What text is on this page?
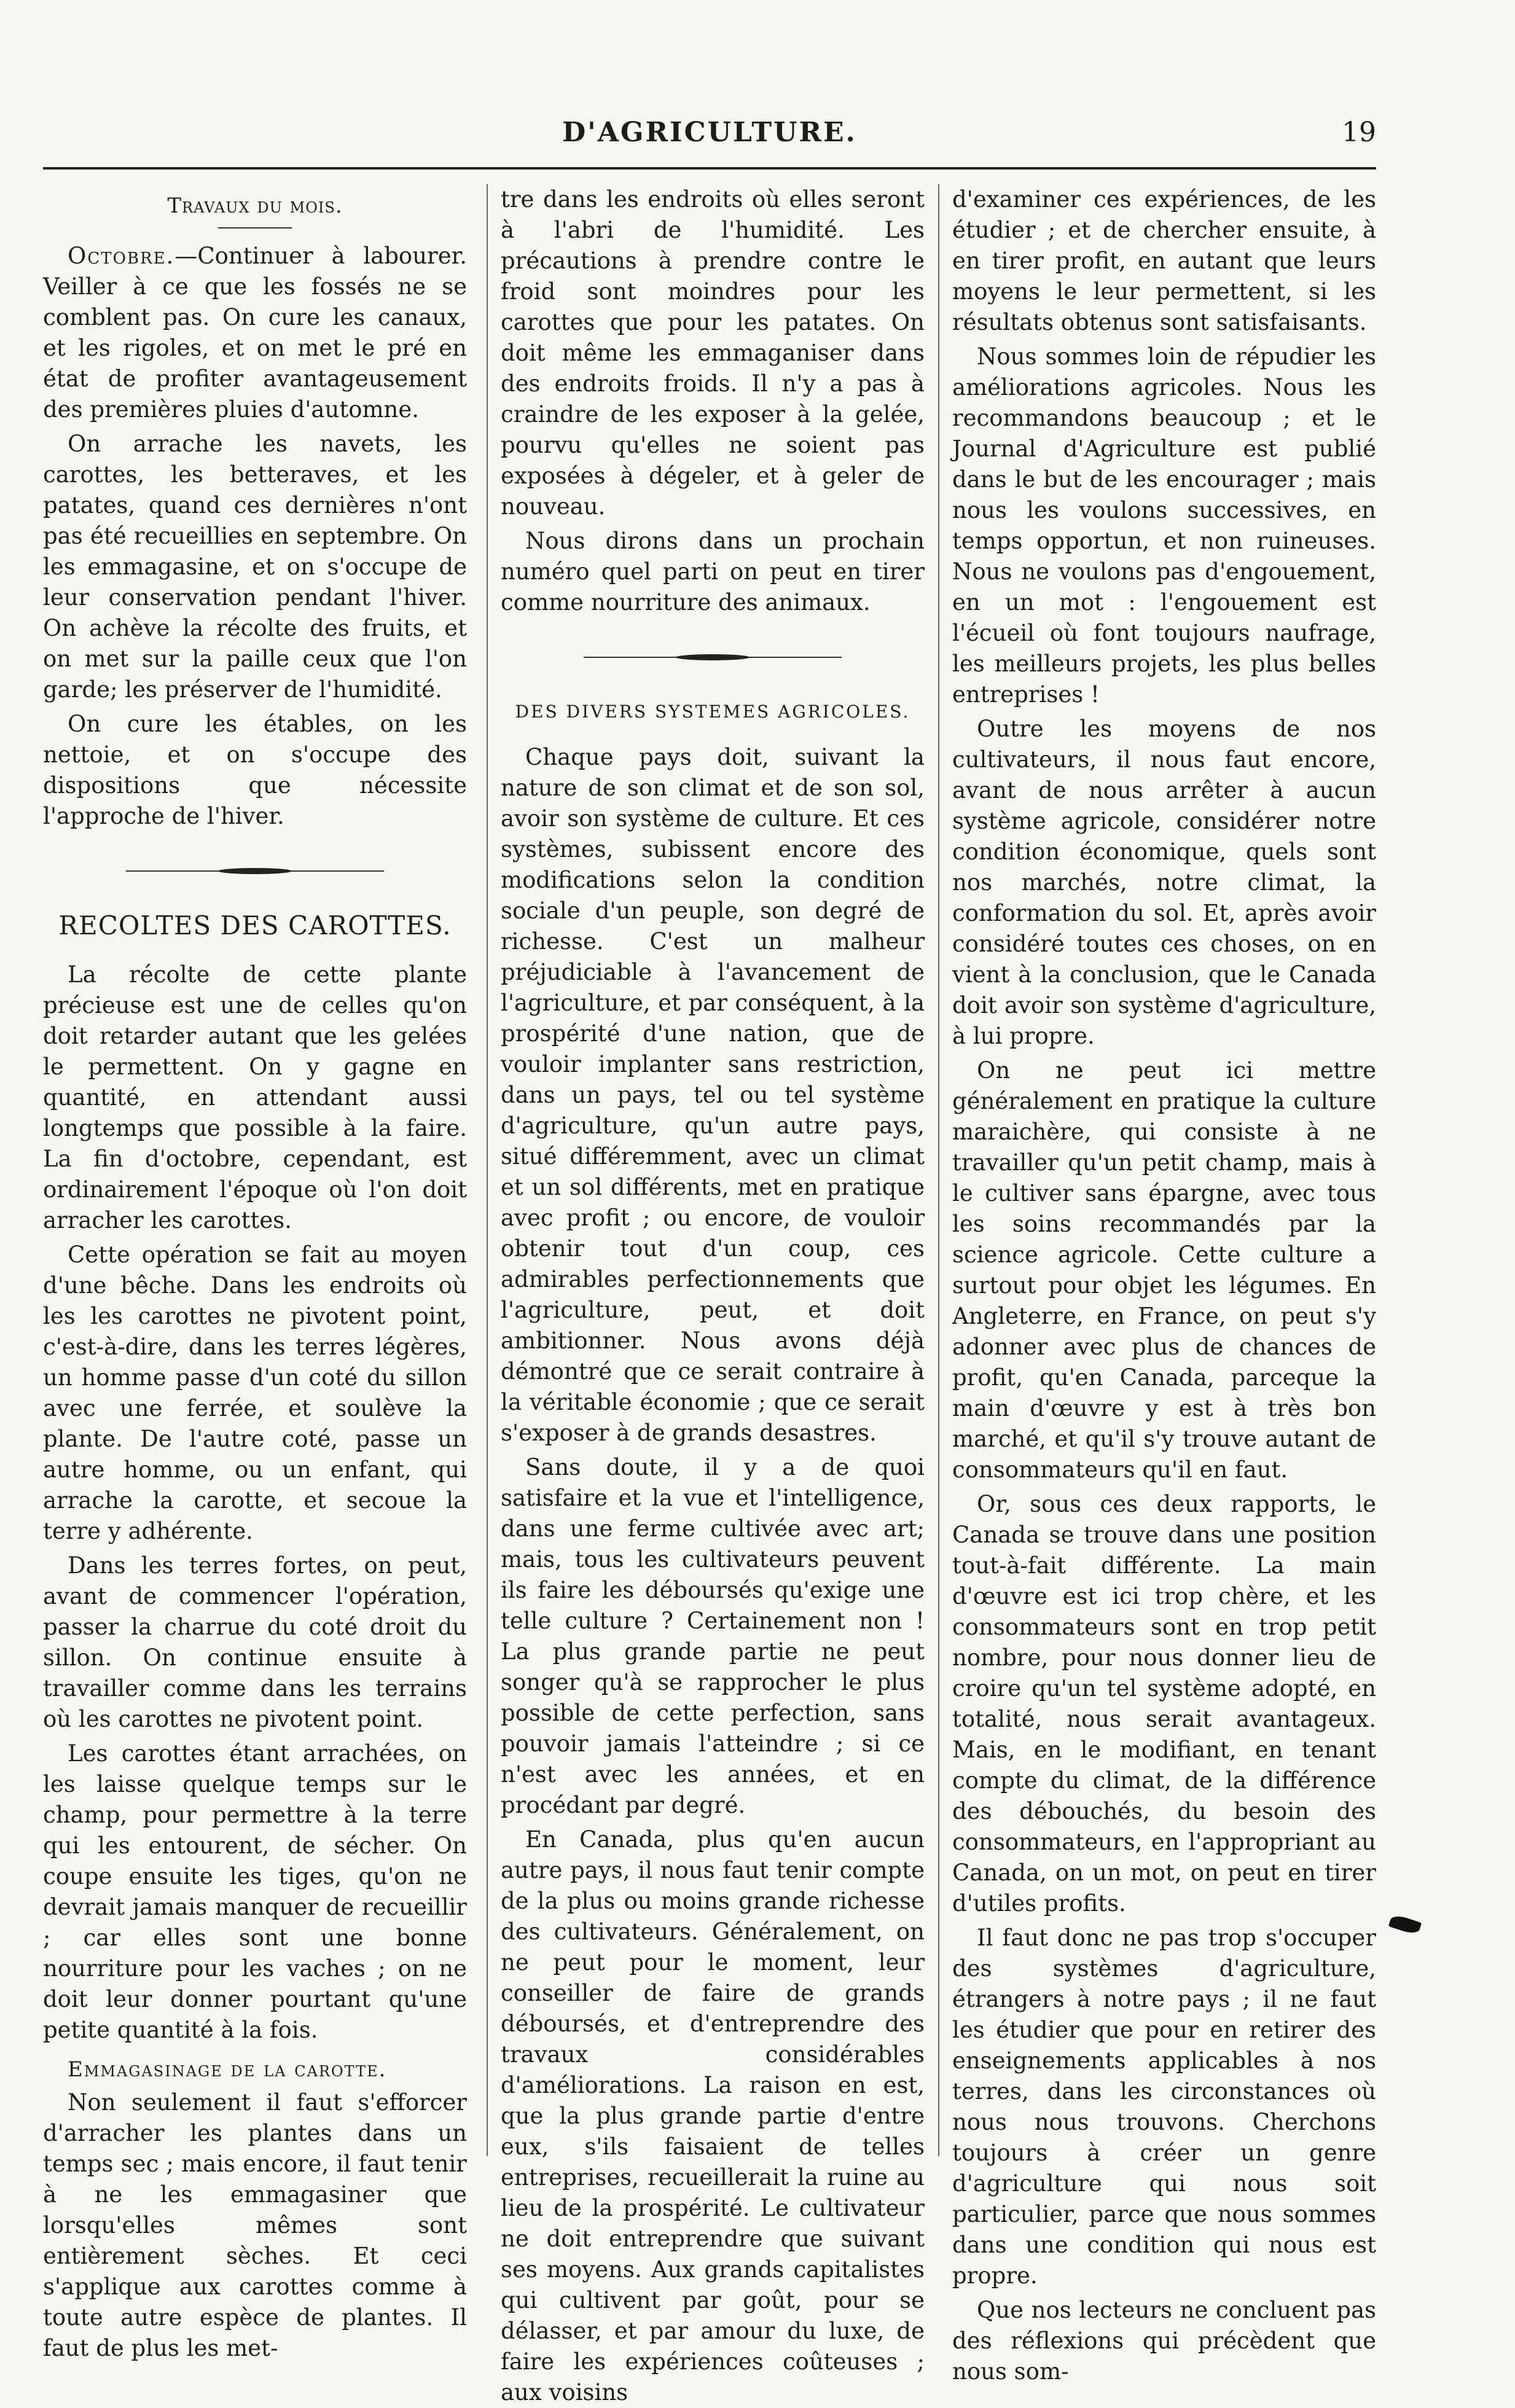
D'AGRICULTURE.	19
Travaux du mois.

Octobre.—Continuer à labourer. Veiller à ce que les fossés ne se comblent pas. On cure les canaux, et les rigoles, et on met le pré en état de profiter avantageusement des premières pluies d'automne.

On arrache les navets, les carottes, les betteraves, et les patates, quand ces dernières n'ont pas été recueillies en septembre. On les emmagasine, et on s'occupe de leur conservation pendant l'hiver. On achève la récolte des fruits, et on met sur la paille ceux que l'on garde; les préserver de l'humidité.

On cure les étables, on les nettoie, et on s'occupe des dispositions que nécessite l'approche de l'hiver.

RECOLTES DES CAROTTES.

La récolte de cette plante précieuse est une de celles qu'on doit retarder autant que les gelées le permettent. On y gagne en quantité, en attendant aussi longtemps que possible à la faire. La fin d'octobre, cependant, est ordinairement l'époque où l'on doit arracher les carottes.

Cette opération se fait au moyen d'une bêche. Dans les endroits où les les carottes ne pivotent point, c'est-à-dire, dans les terres légères, un homme passe d'un coté du sillon avec une ferrée, et soulève la plante. De l'autre coté, passe un autre homme, ou un enfant, qui arrache la carotte, et secoue la terre y adhérente.

Dans les terres fortes, on peut, avant de commencer l'opération, passer la charrue du coté droit du sillon. On continue ensuite à travailler comme dans les terrains où les carottes ne pivotent point.

Les carottes étant arrachées, on les laisse quelque temps sur le champ, pour permettre à la terre qui les entourent, de sécher. On coupe ensuite les tiges, qu'on ne devrait jamais manquer de recueillir ; car elles sont une bonne nourriture pour les vaches ; on ne doit leur donner pourtant qu'une petite quantité à la fois.

Emmagasinage de la carotte.

Non seulement il faut s'efforcer d'arracher les plantes dans un temps sec ; mais encore, il faut tenir à ne les emmagasiner que lorsqu'elles mêmes sont entièrement sèches. Et ceci s'applique aux carottes comme à toute autre espèce de plantes. Il faut de plus les met-

tre dans les endroits où elles seront à l'abri de l'humidité. Les précautions à prendre contre le froid sont moindres pour les carottes que pour les patates. On doit même les emmaganiser dans des endroits froids. Il n'y a pas à craindre de les exposer à la gelée, pourvu qu'elles ne soient pas exposées à dégeler, et à geler de nouveau.

Nous dirons dans un prochain numéro quel parti on peut en tirer comme nourriture des animaux.

DES DIVERS SYSTEMES AGRICOLES.

Chaque pays doit, suivant la nature de son climat et de son sol, avoir son système de culture. Et ces systèmes, subissent encore des modifications selon la condition sociale d'un peuple, son degré de richesse. C'est un malheur préjudiciable à l'avancement de l'agriculture, et par conséquent, à la prospérité d'une nation, que de vouloir implanter sans restriction, dans un pays, tel ou tel système d'agriculture, qu'un autre pays, situé différemment, avec un climat et un sol différents, met en pratique avec profit ; ou encore, de vouloir obtenir tout d'un coup, ces admirables perfectionnements que l'agriculture, peut, et doit ambitionner. Nous avons déjà démontré que ce serait contraire à la véritable économie ; que ce serait s'exposer à de grands desastres.

Sans doute, il y a de quoi satisfaire et la vue et l'intelligence, dans une ferme cultivée avec art; mais, tous les cultivateurs peuvent ils faire les déboursés qu'exige une telle culture ? Certainement non ! La plus grande partie ne peut songer qu'à se rapprocher le plus possible de cette perfection, sans pouvoir jamais l'atteindre ; si ce n'est avec les années, et en procédant par degré.

En Canada, plus qu'en aucun autre pays, il nous faut tenir compte de la plus ou moins grande richesse des cultivateurs. Généralement, on ne peut pour le moment, leur conseiller de faire de grands déboursés, et d'entreprendre des travaux considérables d'améliorations. La raison en est, que la plus grande partie d'entre eux, s'ils faisaient de telles entreprises, recueillerait la ruine au lieu de la prospérité. Le cultivateur ne doit entreprendre que suivant ses moyens. Aux grands capitalistes qui cultivent par goût, pour se délasser, et par amour du luxe, de faire les expériences coûteuses ; aux voisins

d'examiner ces expériences, de les étudier ; et de chercher ensuite, à en tirer profit, en autant que leurs moyens le leur permettent, si les résultats obtenus sont satisfaisants.

Nous sommes loin de répudier les améliorations agricoles. Nous les recommandons beaucoup ; et le Journal d'Agriculture est publié dans le but de les encourager ; mais nous les voulons successives, en temps opportun, et non ruineuses. Nous ne voulons pas d'engouement, en un mot : l'engouement est l'écueil où font toujours naufrage, les meilleurs projets, les plus belles entreprises !

Outre les moyens de nos cultivateurs, il nous faut encore, avant de nous arrêter à aucun système agricole, considérer notre condition économique, quels sont nos marchés, notre climat, la conformation du sol. Et, après avoir considéré toutes ces choses, on en vient à la conclusion, que le Canada doit avoir son système d'agriculture, à lui propre.

On ne peut ici mettre généralement en pratique la culture maraichère, qui consiste à ne travailler qu'un petit champ, mais à le cultiver sans épargne, avec tous les soins recommandés par la science agricole. Cette culture a surtout pour objet les légumes. En Angleterre, en France, on peut s'y adonner avec plus de chances de profit, qu'en Canada, parceque la main d'œuvre y est à très bon marché, et qu'il s'y trouve autant de consommateurs qu'il en faut.

Or, sous ces deux rapports, le Canada se trouve dans une position tout-à-fait différente. La main d'œuvre est ici trop chère, et les consommateurs sont en trop petit nombre, pour nous donner lieu de croire qu'un tel système adopté, en totalité, nous serait avantageux. Mais, en le modifiant, en tenant compte du climat, de la différence des débouchés, du besoin des consommateurs, en l'appropriant au Canada, on un mot, on peut en tirer d'utiles profits.

Il faut donc ne pas trop s'occuper des systèmes d'agriculture, étrangers à notre pays ; il ne faut les étudier que pour en retirer des enseignements applicables à nos terres, dans les circonstances où nous nous trouvons. Cherchons toujours à créer un genre d'agriculture qui nous soit particulier, parce que nous sommes dans une condition qui nous est propre.

Que nos lecteurs ne concluent pas des réflexions qui précèdent que nous som-
